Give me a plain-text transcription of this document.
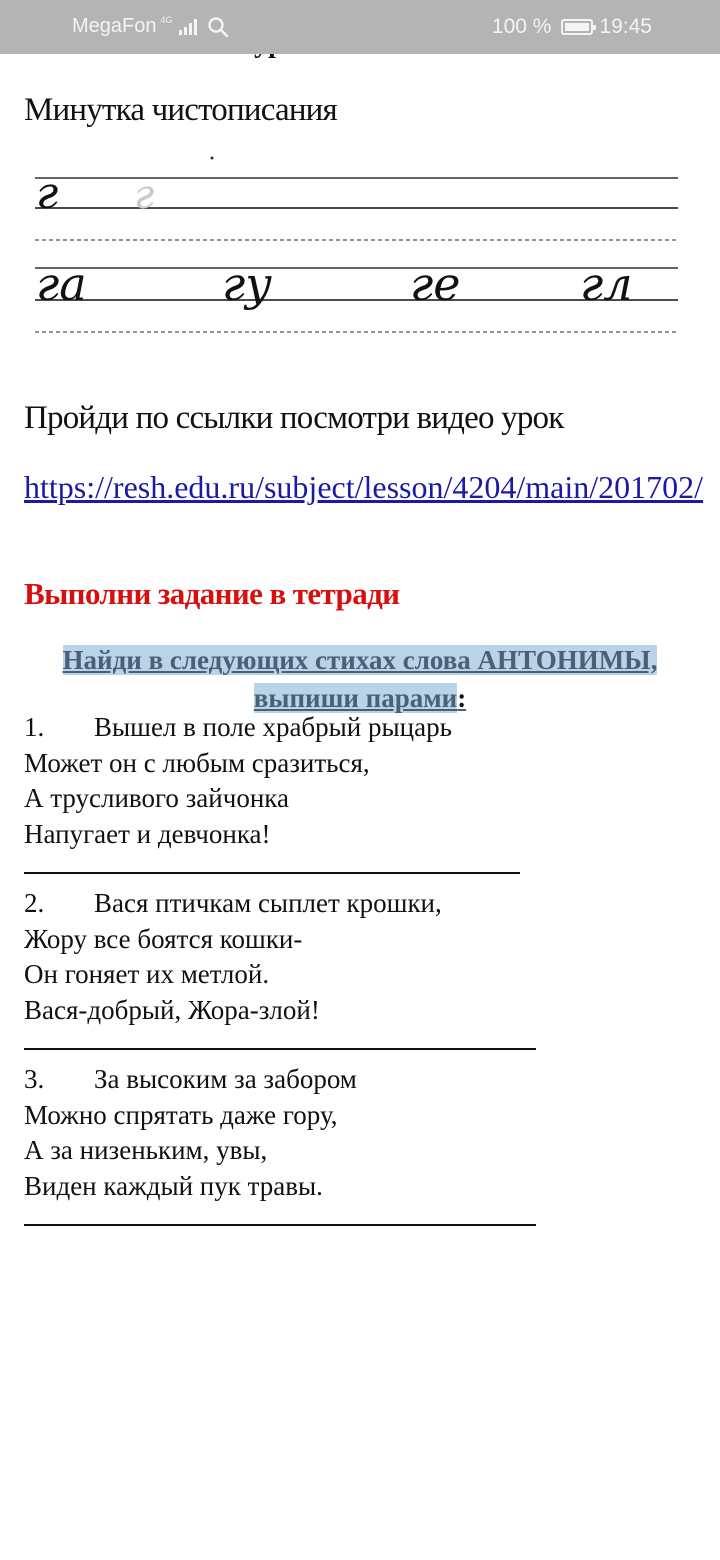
MegaFon 4G	100 % 19:45
Минутка чистописания
г г
га	гу	ге	гл
Пройди по ссылки посмотри видео урок
https://resh.edu.ru/subject/lesson/4204/main/201702/
Выполни задание в тетради
Найди в следующих стихах слова АНТОНИМЫ, выпиши парами:
1. Вышел в поле храбрый рыцарь
Может он с любым сразиться,
А трусливого зайчонка
Напугает и девчонка!
2. Вася птичкам сыплет крошки,
Жору все боятся кошки-
Он гоняет их метлой.
Вася-добрый, Жора-злой!
3. За высоким за забором
Можно спрятать даже гору,
А за низеньким, увы,
Виден каждый пук травы.
